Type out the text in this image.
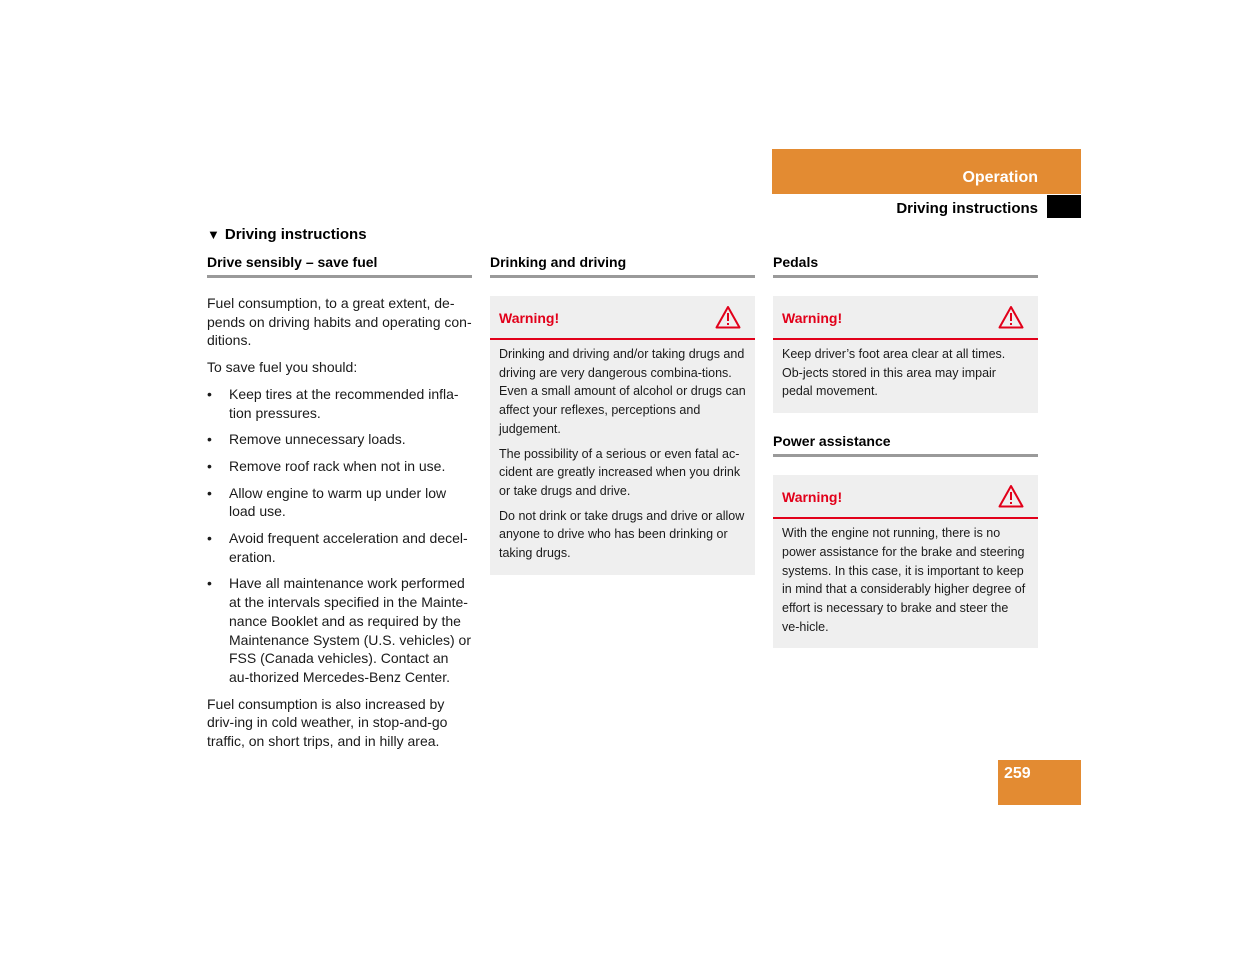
Operation
Driving instructions
▼ Driving instructions
Drive sensibly – save fuel

Fuel consumption, to a great extent, de-pends on driving habits and operating con-ditions.

To save fuel you should:

• Keep tires at the recommended infla-tion pressures.
• Remove unnecessary loads.
• Remove roof rack when not in use.
• Allow engine to warm up under low load use.
• Avoid frequent acceleration and decel-eration.
• Have all maintenance work performed at the intervals specified in the Mainte-nance Booklet and as required by the Maintenance System (U.S. vehicles) or FSS (Canada vehicles). Contact an au-thorized Mercedes-Benz Center.

Fuel consumption is also increased by driv-ing in cold weather, in stop-and-go traffic, on short trips, and in hilly area.

Drinking and driving
Warning!

Drinking and driving and/or taking drugs and driving are very dangerous combina-tions. Even a small amount of alcohol or drugs can affect your reflexes, perceptions and judgement.

The possibility of a serious or even fatal ac-cident are greatly increased when you drink or take drugs and drive.

Do not drink or take drugs and drive or allow anyone to drive who has been drinking or taking drugs.

Pedals
Warning!

Keep driver’s foot area clear at all times. Ob-jects stored in this area may impair pedal movement.

Power assistance
Warning!

With the engine not running, there is no power assistance for the brake and steering systems. In this case, it is important to keep in mind that a considerably higher degree of effort is necessary to brake and steer the ve-hicle.

259
